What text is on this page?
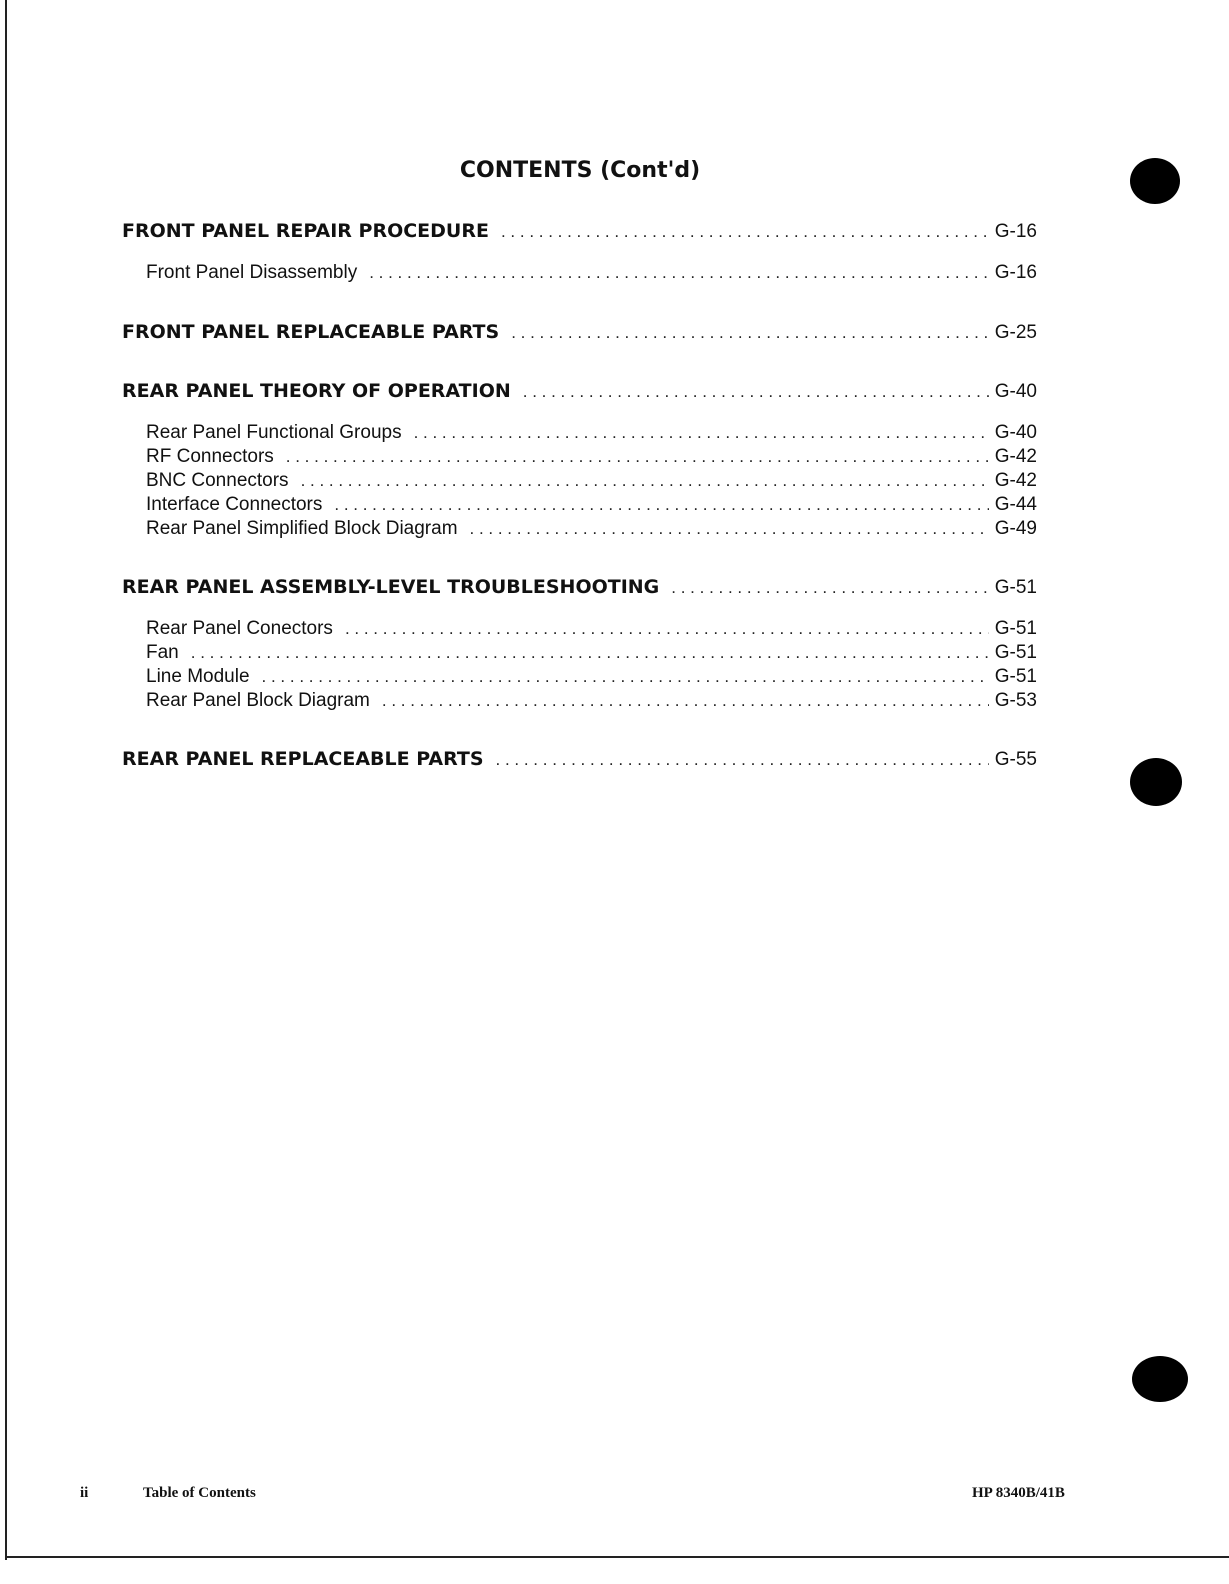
CONTENTS (Cont'd)
FRONT PANEL REPAIR PROCEDURE . . .	G-16
Front Panel Disassembly . . .	G-16
FRONT PANEL REPLACEABLE PARTS . . .	G-25
REAR PANEL THEORY OF OPERATION . . .	G-40
Rear Panel Functional Groups . . .	G-40
RF Connectors . . .	G-42
BNC Connectors . . .	G-42
Interface Connectors . . .	G-44
Rear Panel Simplified Block Diagram . . .	G-49
REAR PANEL ASSEMBLY-LEVEL TROUBLESHOOTING . . .	G-51
Rear Panel Conectors . . .	G-51
Fan . . .	G-51
Line Module . . .	G-51
Rear Panel Block Diagram . . .	G-53
REAR PANEL REPLACEABLE PARTS . . .	G-55
ii	Table of Contents	HP 8340B/41B
